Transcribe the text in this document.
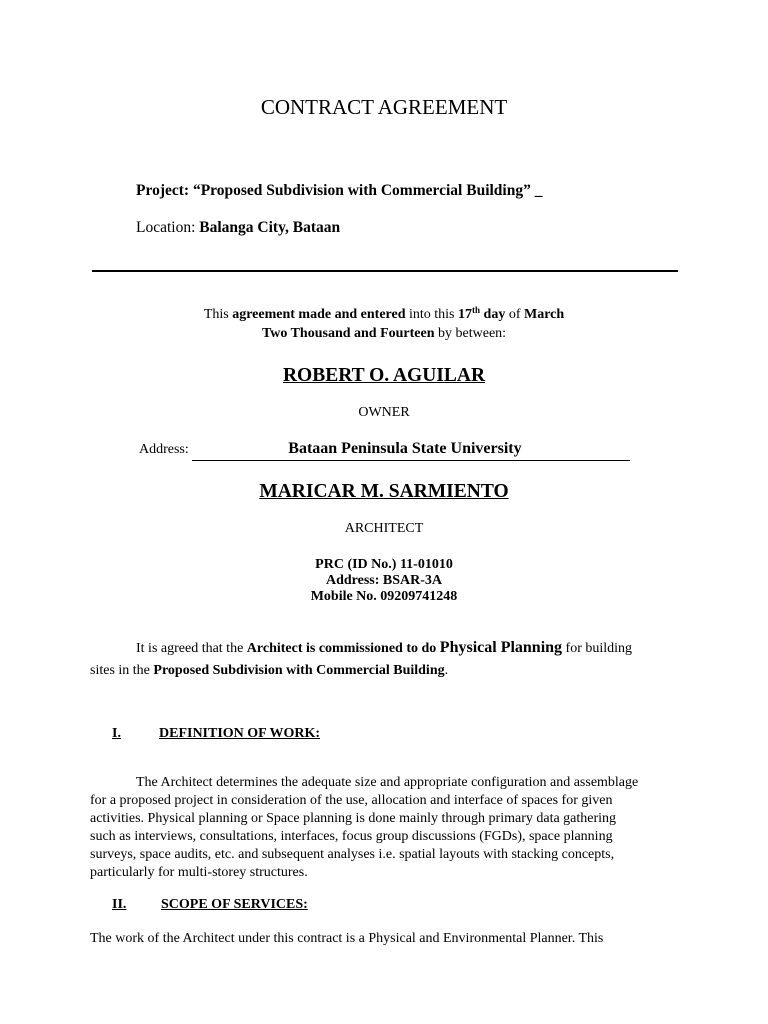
CONTRACT AGREEMENT
Project: “Proposed Subdivision with Commercial Building” _
Location: Balanga City, Bataan
This agreement made and entered into this 17th day of March
Two Thousand and Fourteen by between:
ROBERT O. AGUILAR
OWNER
Address:	Bataan Peninsula State University

MARICAR M. SARMIENTO
ARCHITECT
PRC (ID No.) 11-01010
Address: BSAR-3A
Mobile No. 09209741248

It is agreed that the Architect is commissioned to do Physical Planning for building

sites in the Proposed Subdivision with Commercial Building.

I.	DEFINITION OF WORK:
The Architect determines the adequate size and appropriate configuration and assemblage
for a proposed project in consideration of the use, allocation and interface of spaces for given
activities. Physical planning or Space planning is done mainly through primary data gathering
such as interviews, consultations, interfaces, focus group discussions (FGDs), space planning
surveys, space audits, etc. and subsequent analyses i.e. spatial layouts with stacking concepts,
particularly for multi-storey structures.
II. SCOPE OF SERVICES:
The work of the Architect under this contract is a Physical and Environmental Planner. This
